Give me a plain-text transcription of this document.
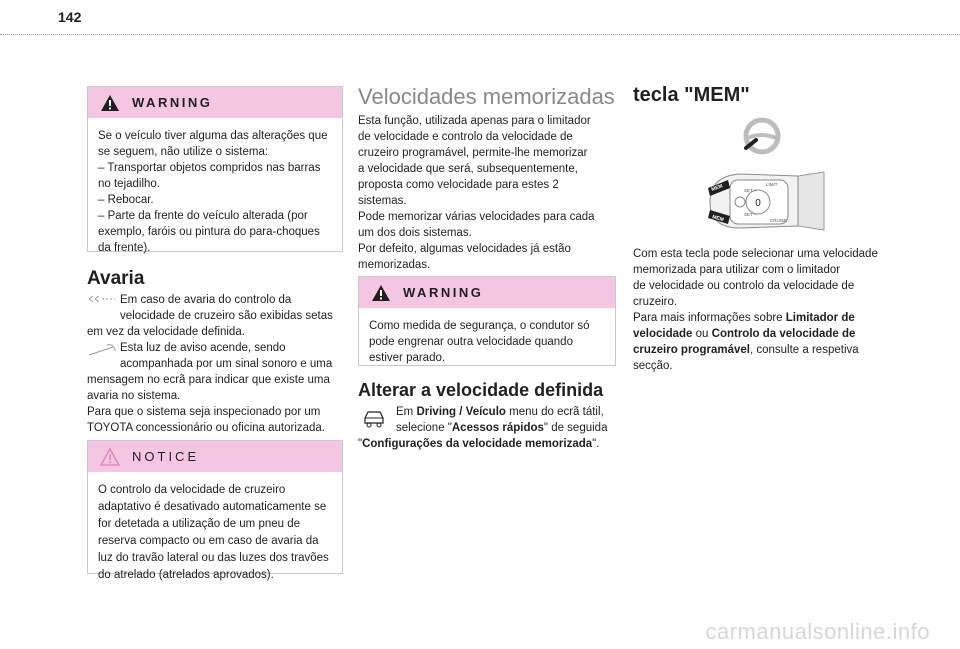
142
WARNING
Se o veículo tiver alguma das alterações que
se seguem, não utilize o sistema:
– Transportar objetos compridos nas barras
no tejadilho.
– Rebocar.
– Parte da frente do veículo alterada (por
exemplo, faróis ou pintura do para-choques
da frente).
Avaria
Em caso de avaria do controlo da
velocidade de cruzeiro são exibidas setas
em vez da velocidade definida.
Esta luz de aviso acende, sendo
acompanhada por um sinal sonoro e uma
mensagem no ecrã para indicar que existe uma
avaria no sistema.
Para que o sistema seja inspecionado por um
TOYOTA concessionário ou oficina autorizada.
NOTICE
O controlo da velocidade de cruzeiro
adaptativo é desativado automaticamente se
for detetada a utilização de um pneu de
reserva compacto ou em caso de avaria da
luz do travão lateral ou das luzes dos travões
do atrelado (atrelados aprovados).
Velocidades memorizadas
Esta função, utilizada apenas para o limitador
de velocidade e controlo da velocidade de
cruzeiro programável, permite-lhe memorizar
a velocidade que será, subsequentemente,
proposta como velocidade para estes 2
sistemas.
Pode memorizar várias velocidades para cada
um dos dois sistemas.
Por defeito, algumas velocidades já estão
memorizadas.
WARNING
Como medida de segurança, o condutor só
pode engrenar outra velocidade quando
estiver parado.
Alterar a velocidade definida
Em Driving / Veículo menu do ecrã tátil,
selecione "Acessos rápidos" de seguida
"Configurações da velocidade memorizada".
tecla "MEM"
0
SET +
SET –
LIMIT
CRUISE
MEM
MEM
Com esta tecla pode selecionar uma velocidade
memorizada para utilizar com o limitador
de velocidade ou controlo da velocidade de
cruzeiro.
Para mais informações sobre Limitador de
velocidade ou Controlo da velocidade de
cruzeiro programável, consulte a respetiva
secção.
carmanualsonline.info
